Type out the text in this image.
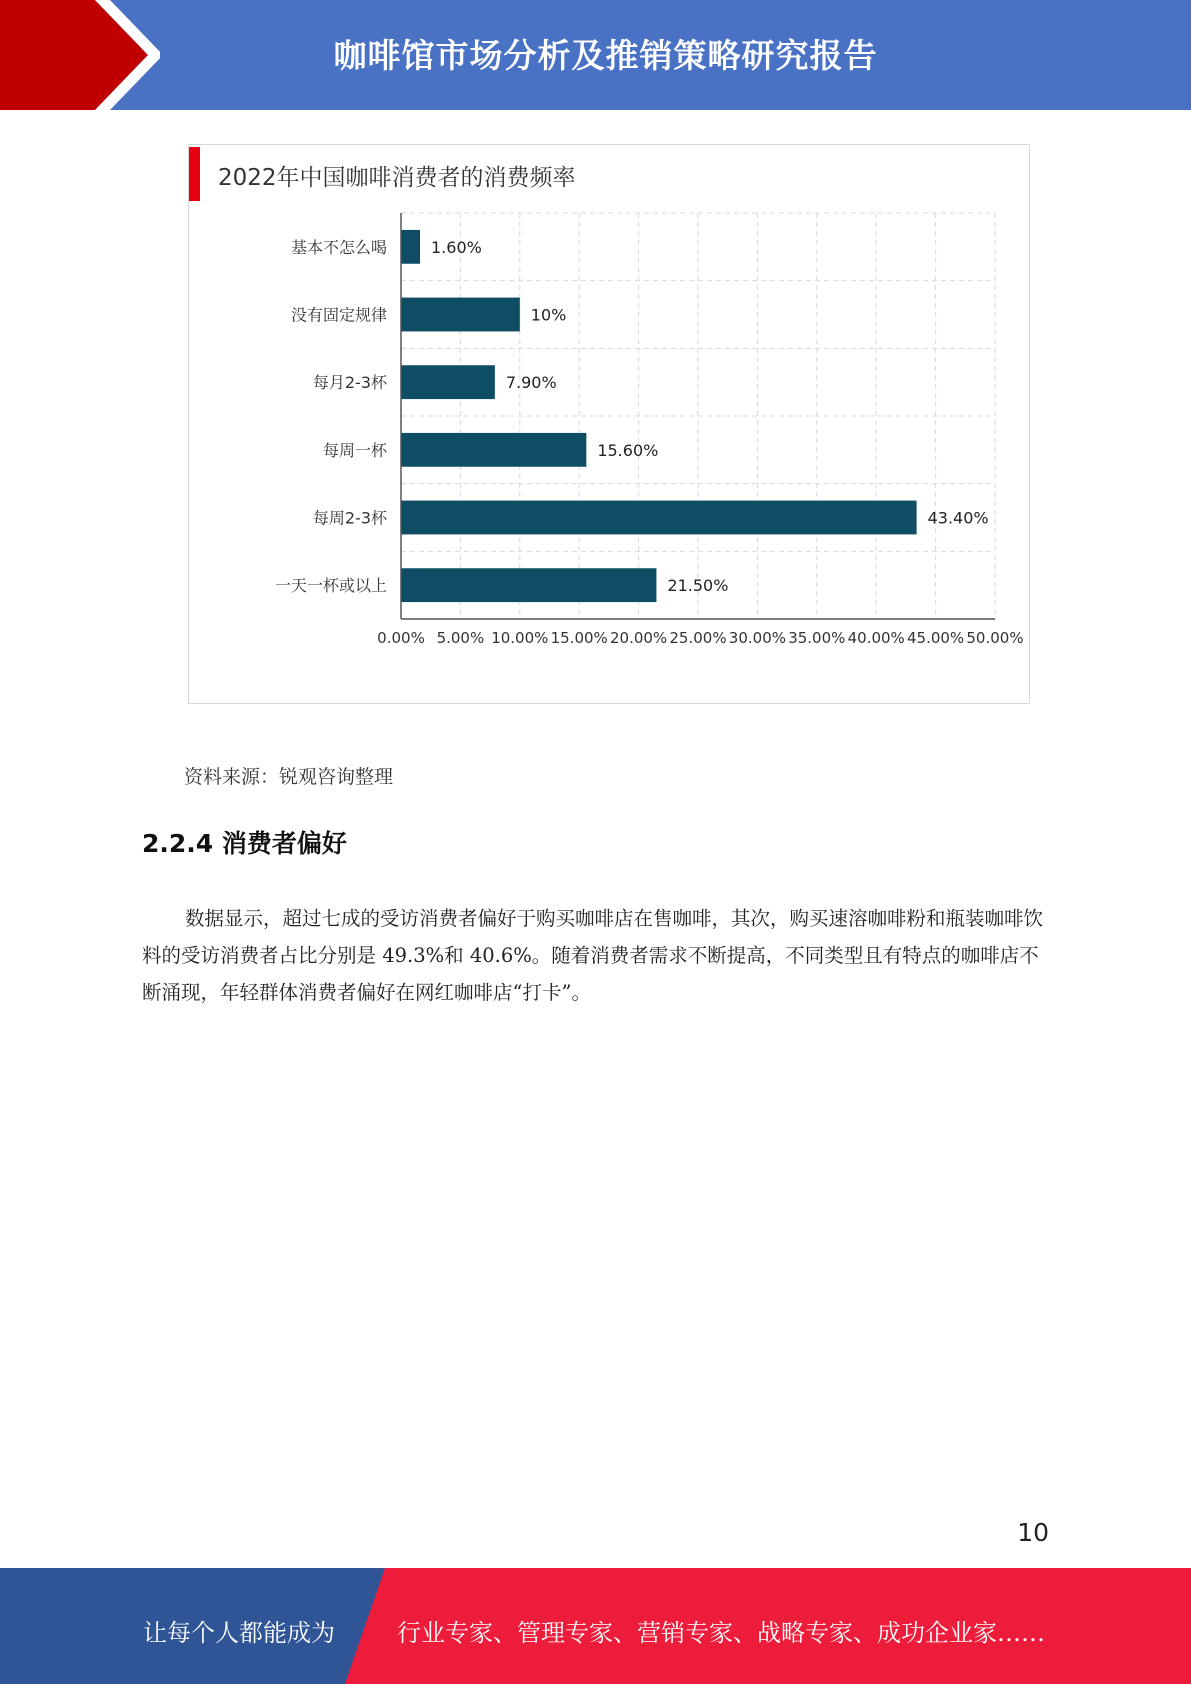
咖啡馆市场分析及推销策略研究报告
2022年中国咖啡消费者的消费频率
0.00% 5.00% 10.00% 15.00% 20.00% 25.00% 30.00% 35.00% 40.00% 45.00% 50.00%
1.60%
基本不怎么喝
10%
没有固定规律
7.90%
每月2-3杯
15.60%
每周一杯
43.40%
每周2-3杯
21.50%
一天一杯或以上
资料来源：锐观咨询整理
2.2.4 消费者偏好
数据显示，超过七成的受访消费者偏好于购买咖啡店在售咖啡，其次，购买速溶咖啡粉和瓶装咖啡饮料的受访消费者占比分别是 49.3%和 40.6%。随着消费者需求不断提高，不同类型且有特点的咖啡店不断涌现，年轻群体消费者偏好在网红咖啡店“打卡”。
10
让每个人都能成为	行业专家、管理专家、营销专家、战略专家、成功企业家……
